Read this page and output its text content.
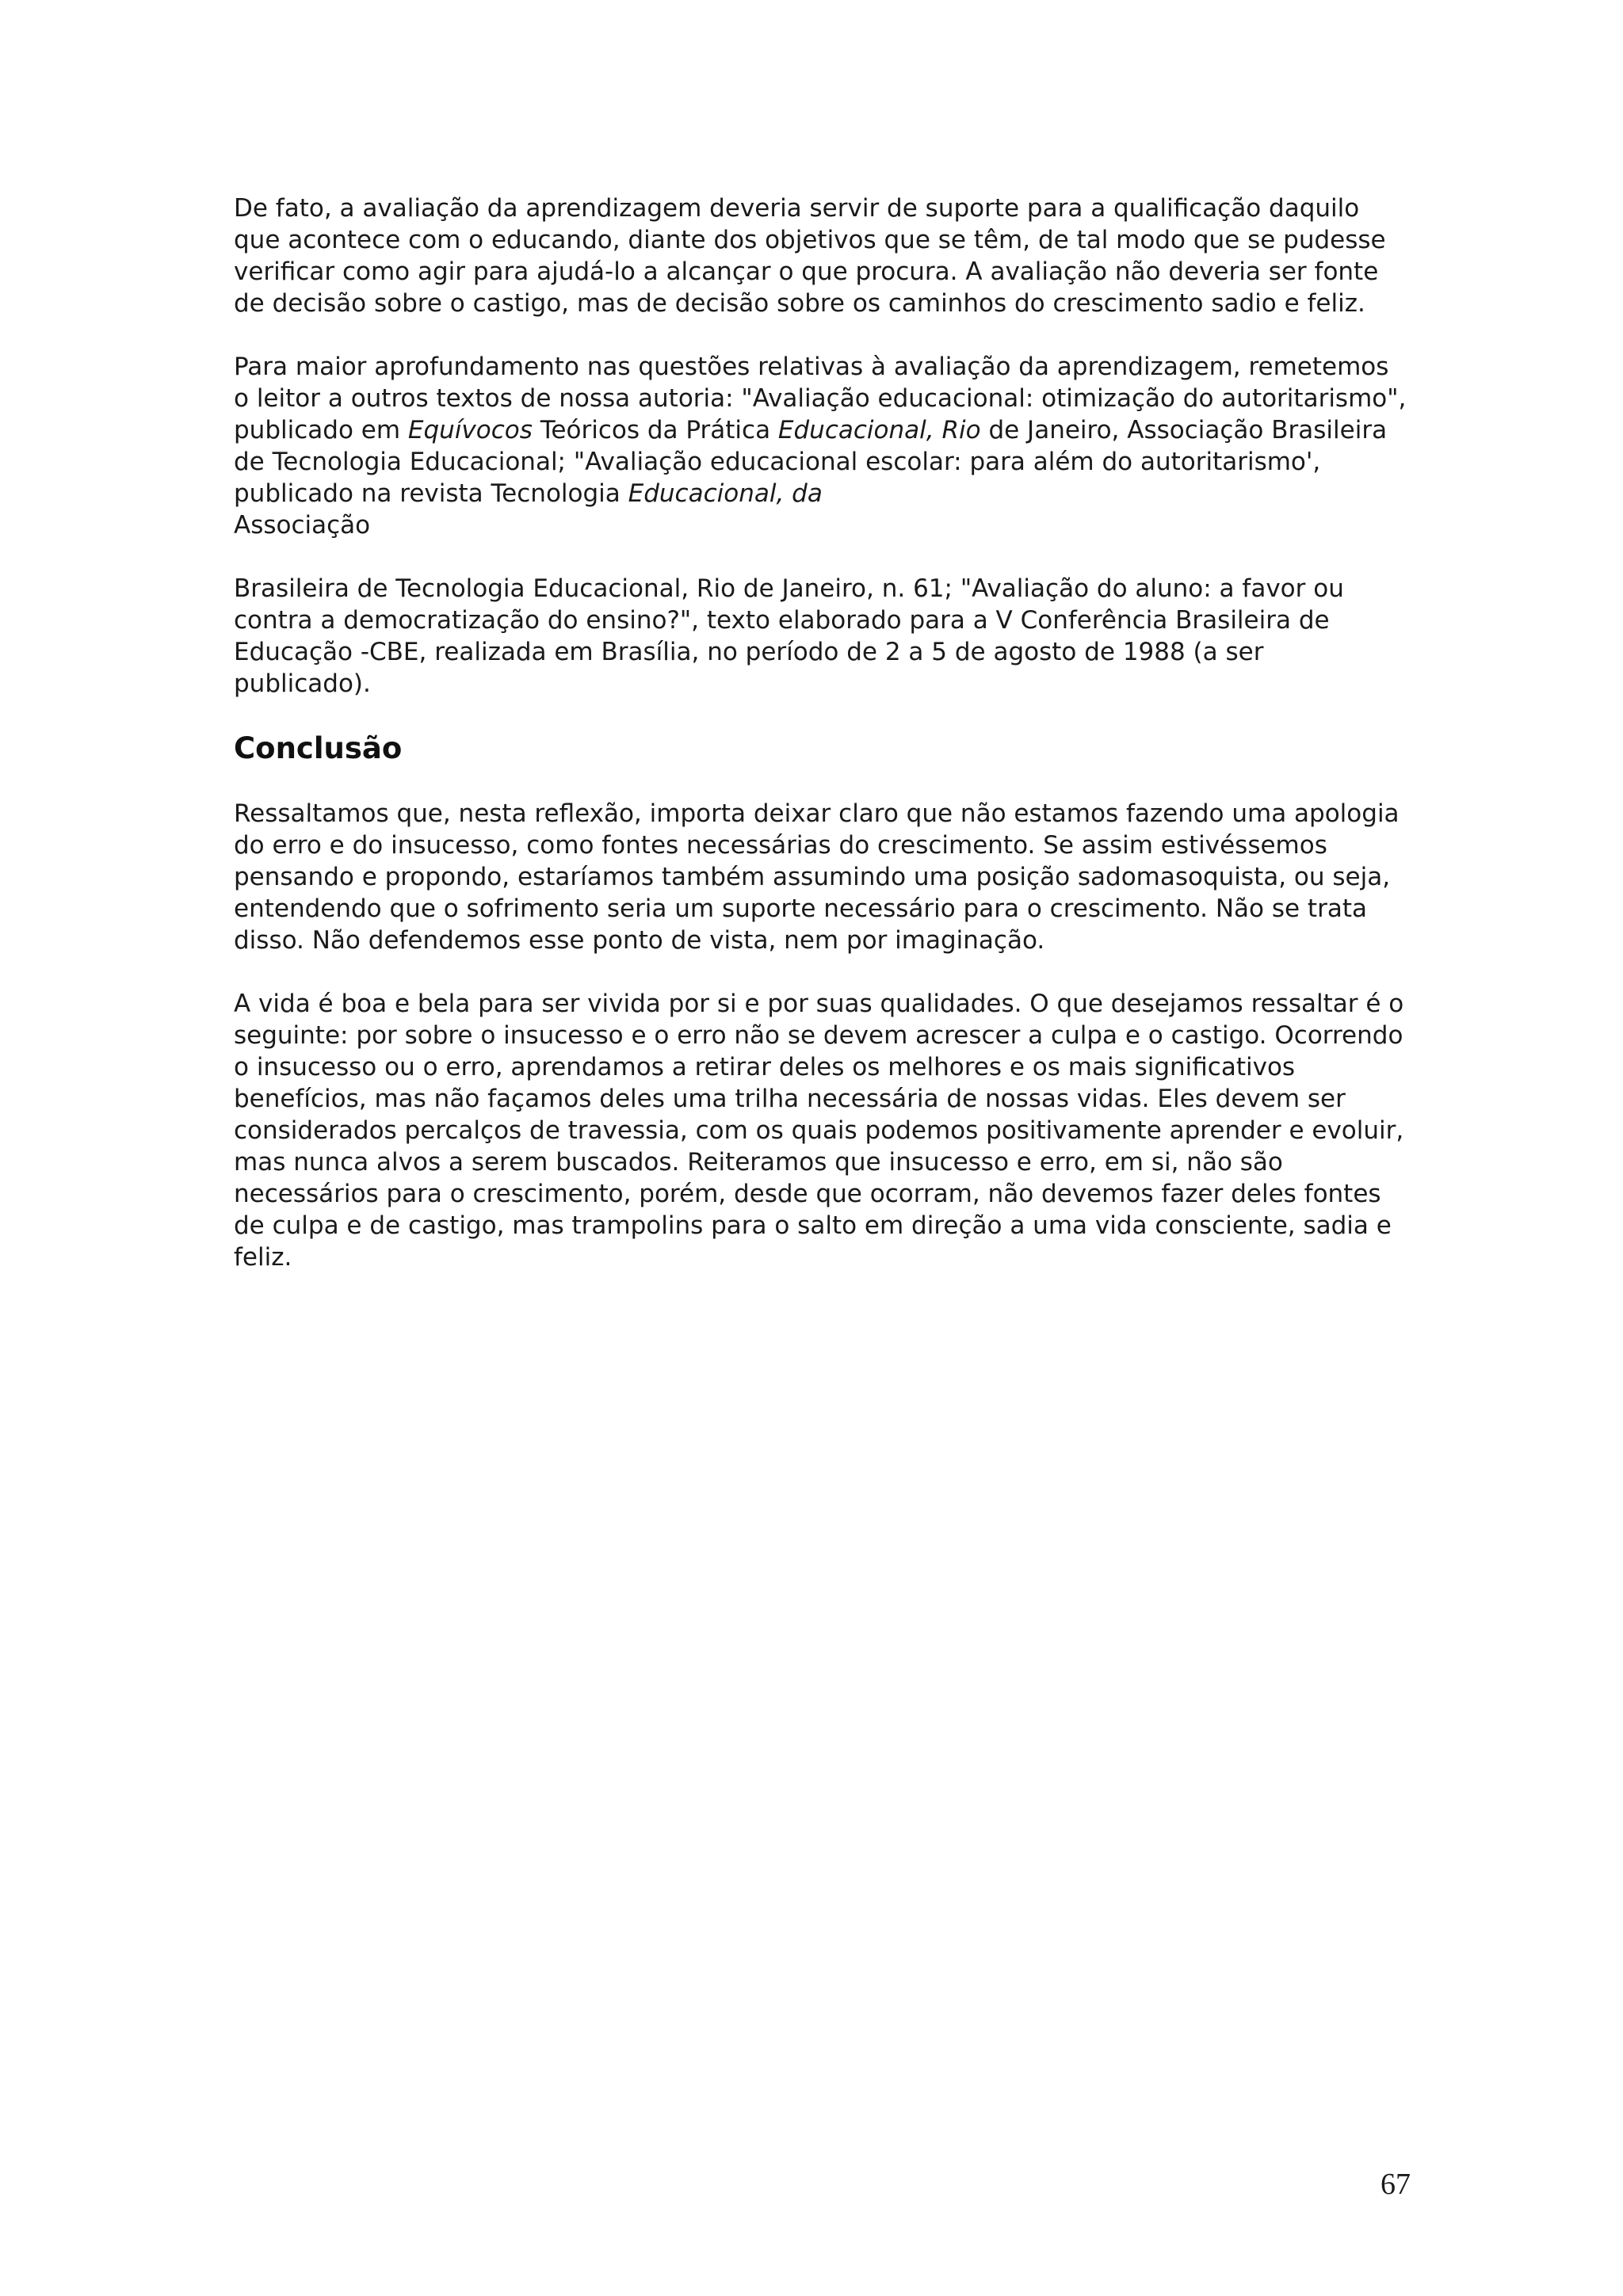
De fato, a avaliação da aprendizagem deveria servir de suporte para a qualificação daquilo que acontece com o educando, diante dos objetivos que se têm, de tal modo que se pudesse verificar como agir para ajudá-lo a alcançar o que procura. A avaliação não deveria ser fonte de decisão sobre o castigo, mas de decisão sobre os caminhos do crescimento sadio e feliz.

Para maior aprofundamento nas questões relativas à avaliação da aprendizagem, remetemos o leitor a outros textos de nossa autoria: "Avaliação educacional: otimização do autoritarismo", publicado em Equívocos Teóricos da Prática Educacional, Rio de Janeiro, Associação Brasileira de Tecnologia Educacional; "Avaliação educacional escolar: para além do autoritarismo', publicado na revista Tecnologia Educacional, da
Associação

Brasileira de Tecnologia Educacional, Rio de Janeiro, n. 61; "Avaliação do aluno: a favor ou contra a democratização do ensino?", texto elaborado para a V Conferência Brasileira de Educação -CBE, realizada em Brasília, no período de 2 a 5 de agosto de 1988 (a ser publicado).

Conclusão

Ressaltamos que, nesta reflexão, importa deixar claro que não estamos fazendo uma apologia do erro e do insucesso, como fontes necessárias do crescimento. Se assim estivéssemos pensando e propondo, estaríamos também assumindo uma posição sadomasoquista, ou seja, entendendo que o sofrimento seria um suporte necessário para o crescimento. Não se trata disso. Não defendemos esse ponto de vista, nem por imaginação.

A vida é boa e bela para ser vivida por si e por suas qualidades. O que desejamos ressaltar é o seguinte: por sobre o insucesso e o erro não se devem acrescer a culpa e o castigo. Ocorrendo o insucesso ou o erro, aprendamos a retirar deles os melhores e os mais significativos benefícios, mas não façamos deles uma trilha necessária de nossas vidas. Eles devem ser considerados percalços de travessia, com os quais podemos positivamente aprender e evoluir, mas nunca alvos a serem buscados. Reiteramos que insucesso e erro, em si, não são necessários para o crescimento, porém, desde que ocorram, não devemos fazer deles fontes de culpa e de castigo, mas trampolins para o salto em direção a uma vida consciente, sadia e feliz.

67
